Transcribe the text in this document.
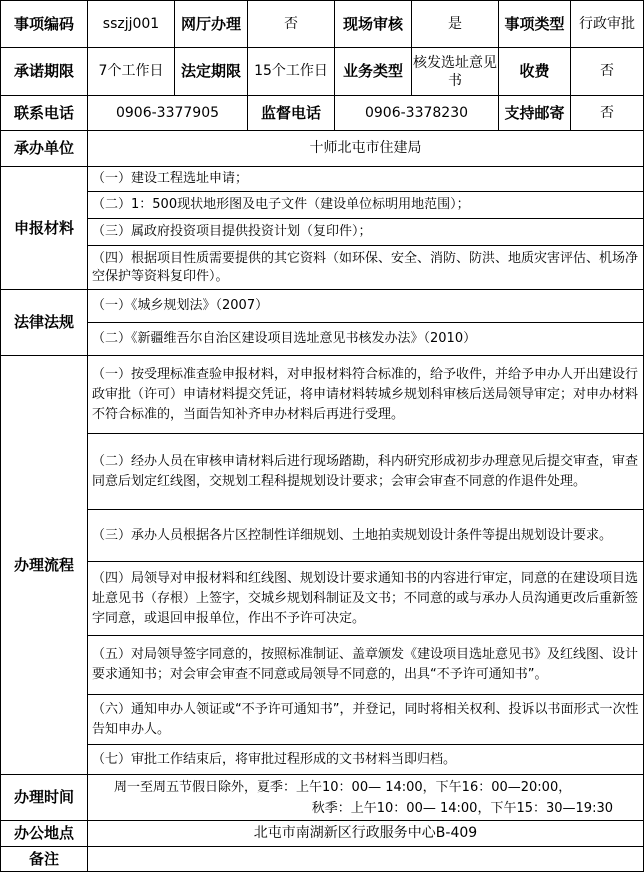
事项编码	sszjj001	网厅办理	否	现场审核	是	事项类型	行政审批
承诺期限	7个工作日	法定期限	15个工作日	业务类型	核发选址意见书	收费	否
联系电话	0906-3377905		监督电话	0906-3378230		支持邮寄	否
承办单位	十师北屯市住建局						
申报材料	（一）建设工程选址申请；						
	（二）1：500现状地形图及电子文件（建设单位标明用地范围）；						
	（三）属政府投资项目提供投资计划（复印件）；						
	（四）根据项目性质需要提供的其它资料（如环保、安全、消防、防洪、地质灾害评估、机场净空保护等资料复印件）。						
法律法规	（一）《城乡规划法》（2007）						
	（二）《新疆维吾尔自治区建设项目选址意见书核发办法》（2010）						
办理流程	（一）按受理标准查验申报材料，对申报材料符合标准的，给予收件，并给予申办人开出建设行政审批（许可）申请材料提交凭证，将申请材料转城乡规划科审核后送局领导审定；对申办材料不符合标准的，当面告知补齐申办材料后再进行受理。						
	（二）经办人员在审核申请材料后进行现场踏勘，科内研究形成初步办理意见后提交审查，审查同意后划定红线图，交规划工程科提规划设计要求；会审会审查不同意的作退件处理。						
	（三）承办人员根据各片区控制性详细规划、土地拍卖规划设计条件等提出规划设计要求。						
	（四）局领导对申报材料和红线图、规划设计要求通知书的内容进行审定，同意的在建设项目选址意见书（存根）上签字，交城乡规划科制证及文书；不同意的或与承办人员沟通更改后重新签字同意，或退回申报单位，作出不予许可决定。						
	（五）对局领导签字同意的，按照标准制证、盖章颁发《建设项目选址意见书》及红线图、设计要求通知书；对会审会审查不同意或局领导不同意的，出具“不予许可通知书”。						
	（六）通知申办人领证或“不予许可通知书”，并登记，同时将相关权利、投诉以书面形式一次性告知申办人。						
	（七）审批工作结束后，将审批过程形成的文书材料当即归档。						
办理时间	周一至周五节假日除外，夏季：上午10：00— 14:00，下午16：00—20:00，
秋季：上午10：00— 14:00，下午15：30—19:30						

办公地点	北屯市南湖新区行政服务中心B-409						
备注							
